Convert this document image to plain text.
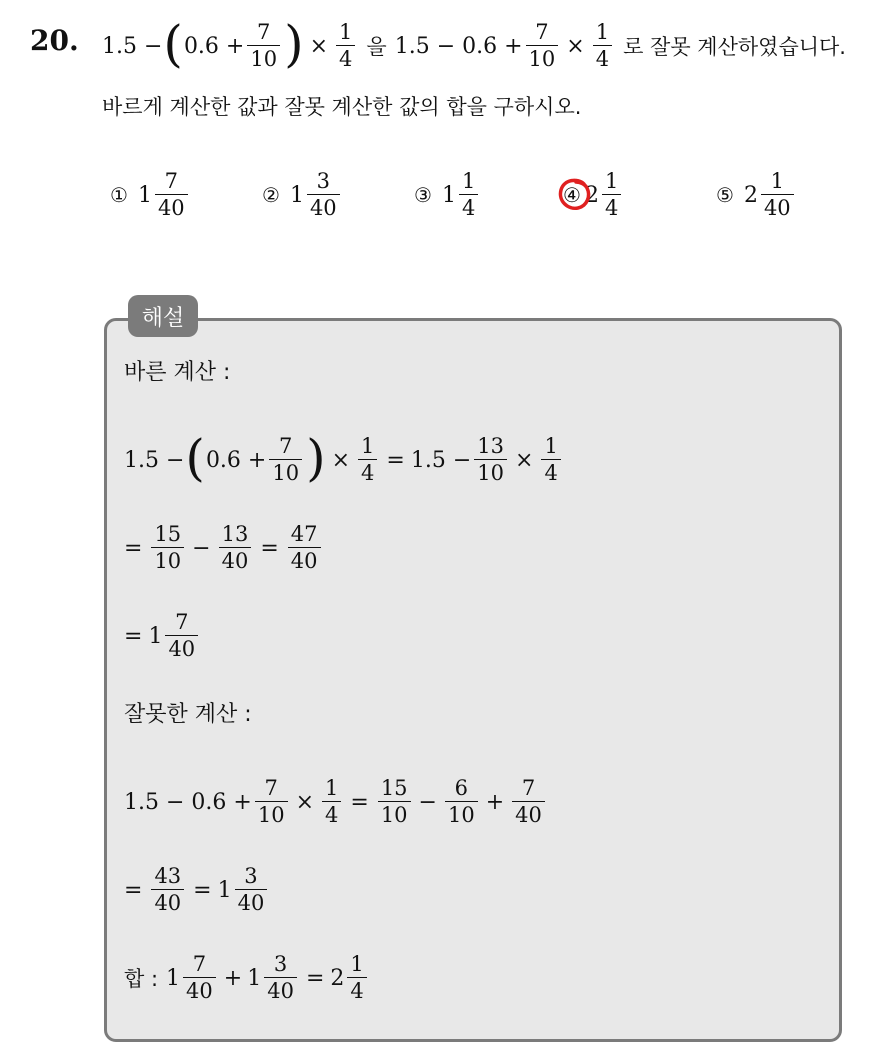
20. 1.5 − ( $0.6 + \frac{7}{10}$ ) × $\frac{1}{4}$ 을 $1.5 - 0.6 + \frac{7}{10} \times \frac{1}{4}$ 로 잘못 계산하였습니다.
바르게 계산한 값과 잘못 계산한 값의 합을 구하시오.
① $1 \frac{7}{40}$	② $1 \frac{3}{40}$	③ $1 \frac{1}{4}$	④ $2 \frac{1}{4}$	⑤ $2 \frac{1}{40}$
해설
바른 계산 :
1.5 − ( $0.6 + \frac{7}{10}$ ) × $\frac{1}{4} = 1.5 - \frac{13}{10} \times \frac{1}{4}$
= $\frac{15}{10} - \frac{13}{40} = \frac{47}{40}$
= $1 \frac{7}{40}$
잘못한 계산 :
$1.5 - 0.6 + \frac{7}{10} \times \frac{1}{4} = \frac{15}{10} - \frac{6}{10} + \frac{7}{40}$
= $\frac{43}{40} = 1 \frac{3}{40}$
합 : $1 \frac{7}{40} + 1 \frac{3}{40} = 2 \frac{1}{4}$
